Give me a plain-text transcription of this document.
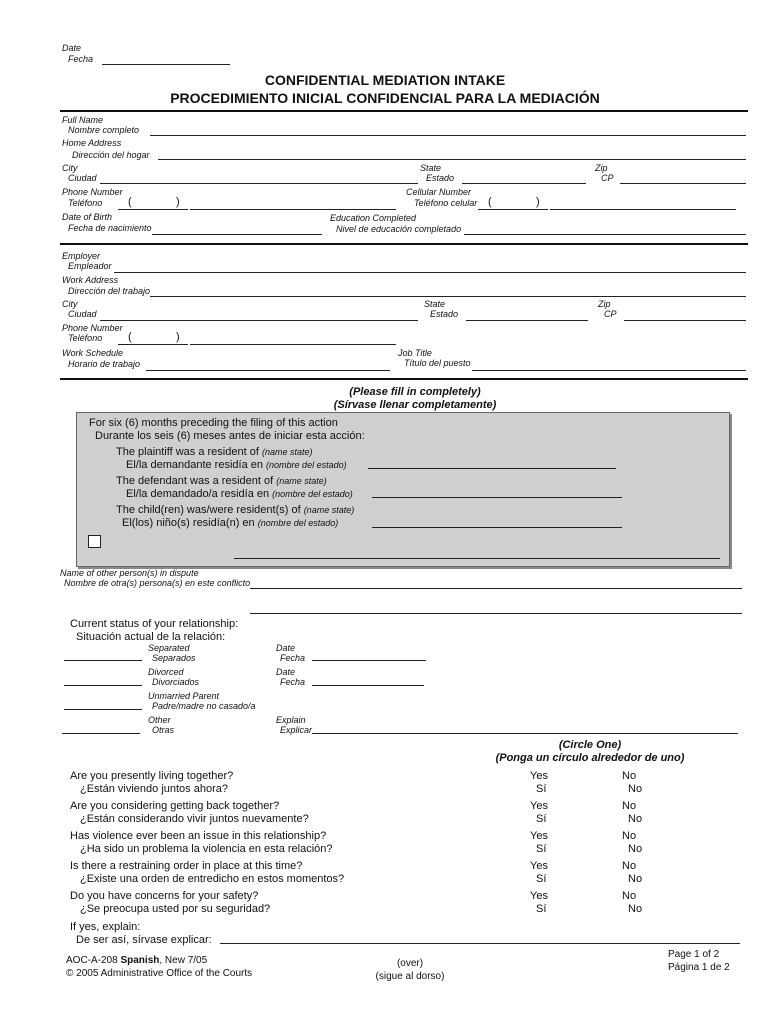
Date
Fecha
CONFIDENTIAL MEDIATION INTAKE
PROCEDIMIENTO INICIAL CONFIDENCIAL PARA LA MEDIACIÓN
Full Name
Nombre completo
Home Address
Dirección del hogar
City
Ciudad
State
Estado
Zip
CP
Phone Number
Teléfono (	)
Cellular Number
Teléfono celular (	)
Date of Birth
Fecha de nacimiento
Education Completed
Nivel de educación completado
Employer
Empleador
Work Address
Dirección del trabajo
City
Ciudad
State
Estado
Zip
CP
Phone Number
Teléfono (	)
Work Schedule
Horario de trabajo
Job Title
Título del puesto
(Please fill in completely)
(Sírvase llenar completamente)
For six (6) months preceding the filing of this action
Durante los seis (6) meses antes de iniciar esta acción:
The plaintiff was a resident of (name state)
El/la demandante residía en (nombre del estado)
The defendant was a resident of (name state)
El/la demandado/a residía en (nombre del estado)
The child(ren) was/were resident(s) of (name state)
El(los) niño(s) residía(n) en (nombre del estado)
Name of other person(s) in dispute
Nombre de otra(s) persona(s) en este conflicto
Current status of your relationship:
Situación actual de la relación:
Separated
Separados
Date
Fecha
Divorced
Divorciados
Date
Fecha
Unmarried Parent
Padre/madre no casado/a
Other
Otras
Explain
Explicar
(Circle One)
(Ponga un círculo alrededor de uno)
Are you presently living together?
¿Están viviendo juntos ahora?
Yes
Sí
No
No
Are you considering getting back together?
¿Están considerando vivir juntos nuevamente?
Yes
Sí
No
No
Has violence ever been an issue in this relationship?
¿Ha sido un problema la violencia en esta relación?
Yes
Sí
No
No
Is there a restraining order in place at this time?
¿Existe una orden de entredicho en estos momentos?
Yes
Sí
No
No
Do you have concerns for your safety?
¿Se preocupa usted por su seguridad?
Yes
Sí
No
No
If yes, explain:
De ser así, sírvase explicar:
AOC-A-208 Spanish, New 7/05
© 2005 Administrative Office of the Courts
(over)
(sigue al dorso)
Page 1 of 2
Página 1 de 2
